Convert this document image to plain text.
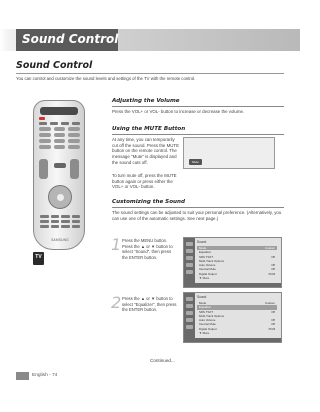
Sound Control
Sound Control
You can control and customize the sound levels and settings of the TV with the remote control.
SAMSUNG
TV
Adjusting the Volume
Press the VOL+ or VOL- button to increase or decrease the volume.
Using the MUTE Button
At any time, you can temporarily cut off the sound. Press the MUTE button on the remote control. The message "Mute" is displayed and the sound cuts off.
To turn mute off, press the MUTE button again or press either the VOL+ or VOL- button.
Mute
Customizing the Sound
The sound settings can be adjusted to suit your personal preference. (Alternatively, you can use one of the automatic settings. See next page.)
1 Press the MENU button. Press the ▲ or ▼ button to select "Sound", then press the ENTER button.
Sound
Mode	Custom
Equalizer
SRS TSXT	Off
Multi-Track Options
Auto Volume	Off
Internal Mute	Off
Digital Output	PCM
▼ More
2 Press the ▲ or ▼ button to select "Equalizer", then press the ENTER button.
Sound
Mode	Custom
Equalizer
SRS TSXT	Off
Multi-Track Options
Auto Volume	Off
Internal Mute	Off
Digital Output	PCM
▼ More
Continued...
English - 74
